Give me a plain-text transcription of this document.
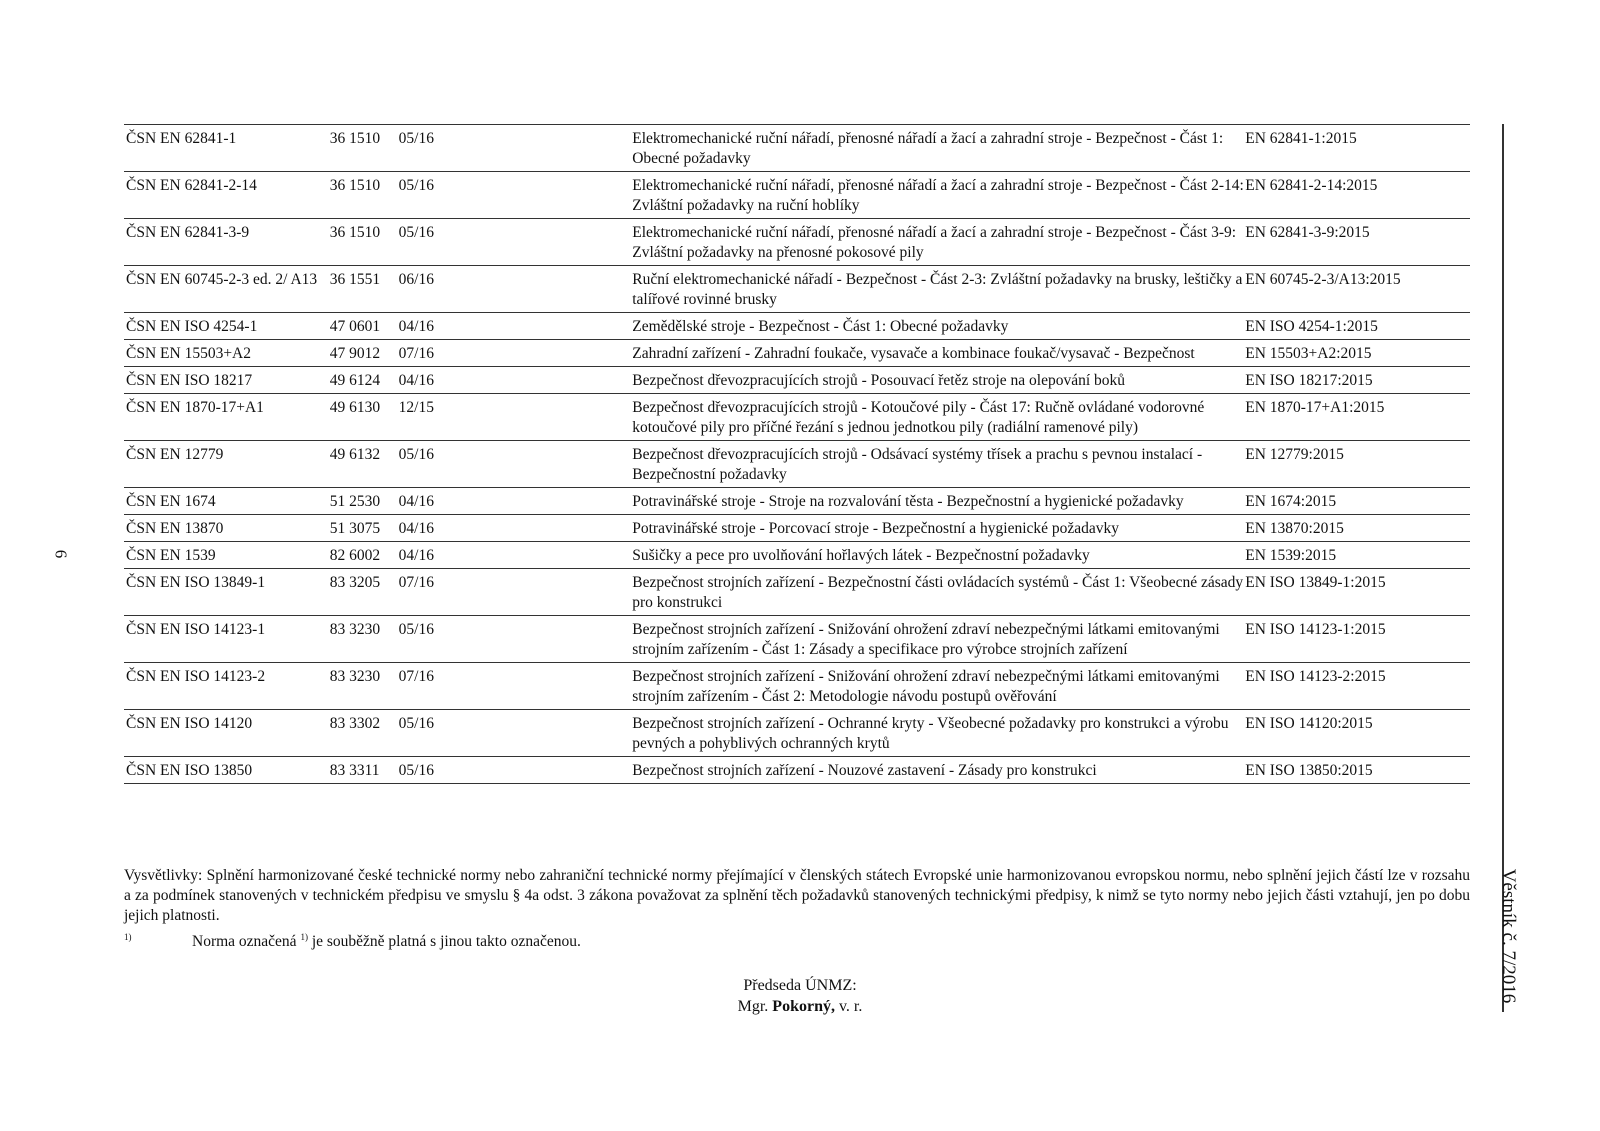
6
ČSN EN 62841-1	36 1510	05/16	Elektromechanické ruční nářadí, přenosné nářadí a žací a zahradní stroje - Bezpečnost - Část 1: Obecné požadavky	EN 62841-1:2015
ČSN EN 62841-2-14	36 1510	05/16	Elektromechanické ruční nářadí, přenosné nářadí a žací a zahradní stroje - Bezpečnost - Část 2-14: Zvláštní požadavky na ruční hoblíky	EN 62841-2-14:2015
ČSN EN 62841-3-9	36 1510	05/16	Elektromechanické ruční nářadí, přenosné nářadí a žací a zahradní stroje - Bezpečnost - Část 3-9: Zvláštní požadavky na přenosné pokosové pily	EN 62841-3-9:2015
ČSN EN 60745-2-3 ed. 2/ A13	36 1551	06/16	Ruční elektromechanické nářadí - Bezpečnost - Část 2-3: Zvláštní požadavky na brusky, leštičky a talířové rovinné brusky	EN 60745-2-3/A13:2015
ČSN EN ISO 4254-1	47 0601	04/16	Zemědělské stroje - Bezpečnost - Část 1: Obecné požadavky	EN ISO 4254-1:2015
ČSN EN 15503+A2	47 9012	07/16	Zahradní zařízení - Zahradní foukače, vysavače a kombinace foukač/vysavač - Bezpečnost	EN 15503+A2:2015
ČSN EN ISO 18217	49 6124	04/16	Bezpečnost dřevozpracujících strojů - Posouvací řetěz stroje na olepování boků	EN ISO 18217:2015
ČSN EN 1870-17+A1	49 6130	12/15	Bezpečnost dřevozpracujících strojů - Kotoučové pily - Část 17: Ručně ovládané vodorovné kotoučové pily pro příčné řezání s jednou jednotkou pily (radiální ramenové pily)	EN 1870-17+A1:2015
ČSN EN 12779	49 6132	05/16	Bezpečnost dřevozpracujících strojů - Odsávací systémy třísek a prachu s pevnou instalací - Bezpečnostní požadavky	EN 12779:2015
ČSN EN 1674	51 2530	04/16	Potravinářské stroje - Stroje na rozvalování těsta - Bezpečnostní a hygienické požadavky	EN 1674:2015
ČSN EN 13870	51 3075	04/16	Potravinářské stroje - Porcovací stroje - Bezpečnostní a hygienické požadavky	EN 13870:2015
ČSN EN 1539	82 6002	04/16	Sušičky a pece pro uvolňování hořlavých látek - Bezpečnostní požadavky	EN 1539:2015
ČSN EN ISO 13849-1	83 3205	07/16	Bezpečnost strojních zařízení - Bezpečnostní části ovládacích systémů - Část 1: Všeobecné zásady pro konstrukci	EN ISO 13849-1:2015
ČSN EN ISO 14123-1	83 3230	05/16	Bezpečnost strojních zařízení - Snižování ohrožení zdraví nebezpečnými látkami emitovanými strojním zařízením - Část 1: Zásady a specifikace pro výrobce strojních zařízení	EN ISO 14123-1:2015
ČSN EN ISO 14123-2	83 3230	07/16	Bezpečnost strojních zařízení - Snižování ohrožení zdraví nebezpečnými látkami emitovanými strojním zařízením - Část 2: Metodologie návodu postupů ověřování	EN ISO 14123-2:2015
ČSN EN ISO 14120	83 3302	05/16	Bezpečnost strojních zařízení - Ochranné kryty - Všeobecné požadavky pro konstrukci a výrobu pevných a pohyblivých ochranných krytů	EN ISO 14120:2015
ČSN EN ISO 13850	83 3311	05/16	Bezpečnost strojních zařízení - Nouzové zastavení - Zásady pro konstrukci	EN ISO 13850:2015
Vysvětlivky: Splnění harmonizované české technické normy nebo zahraniční technické normy přejímající v členských státech Evropské unie harmonizovanou evropskou normu, nebo splnění jejich částí lze v rozsahu a za podmínek stanovených v technickém předpisu ve smyslu § 4a odst. 3 zákona považovat za splnění těch požadavků stanovených technickými předpisy, k nimž se tyto normy nebo jejich části vztahují, jen po dobu jejich platnosti.
$^{1)}$	Norma označená $^{1)}$ je souběžně platná s jinou takto označenou.
Předseda ÚNMZ:
Mgr. Pokorný, v. r.
Věstník č. 7/2016
